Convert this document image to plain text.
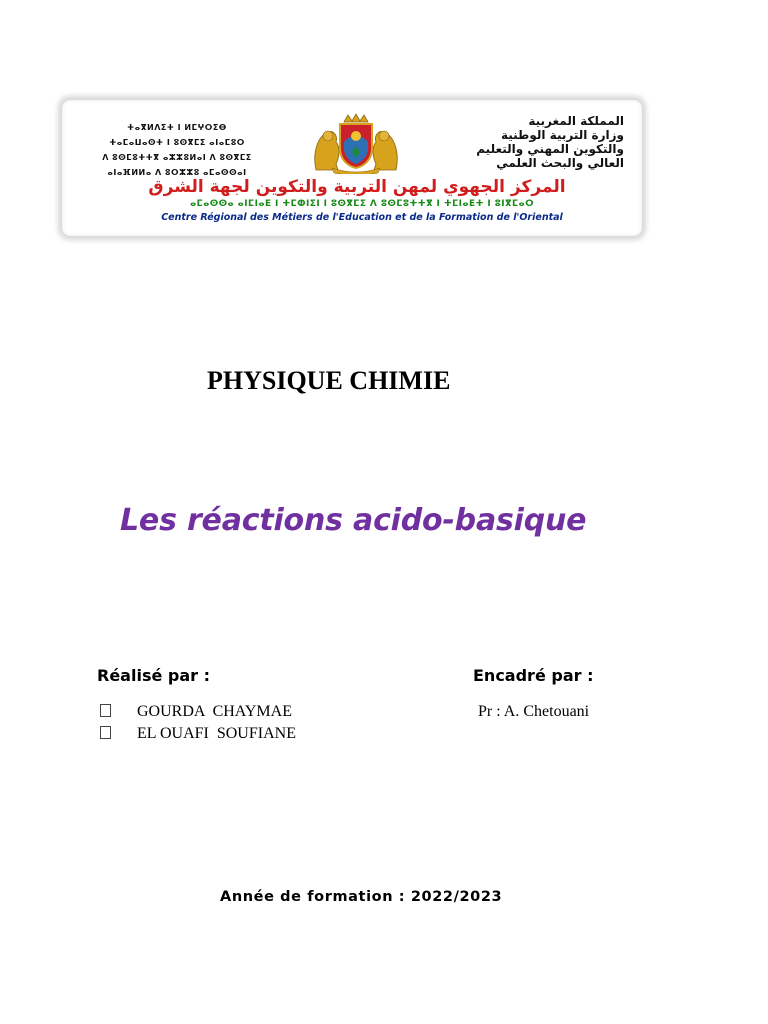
ⵜⴰⴳⵍⴷⵉⵜ ⵏ ⵍⵎⵖⵔⵉⴱ
ⵜⴰⵎⴰⵡⴰⵙⵜ ⵏ ⵓⵙⴳⵎⵉ ⴰⵏⴰⵎⵓⵔ
ⴷ ⵓⵙⵎⵓⵜⵜⴳ ⴰⵣⵣⵓⵍⴰⵏ ⴷ ⵓⵙⴳⵎⵉ
ⴰⵏⴰⴼⵍⵍⴰ ⴷ ⵓⵔⵣⵣⵓ ⴰⵎⴰⵙⵙⴰⵏ
المملكة المغربية
وزارة التربية الوطنية
والتكوين المهني والتعليم
العالي والبحث العلمي
المركز الجهوي لمهن التربية والتكوين لجهة الشرق
ⴰⵎⴰⵙⵙⴰ ⴰⵏⵎⵏⴰⴹ ⵏ ⵜⵎⵀⵏⵉⵏ ⵏ ⵓⵙⴳⵎⵉ ⴷ ⵓⵙⵎⵓⵜⵜⴳ ⵏ ⵜⵎⵏⴰⴹⵜ ⵏ ⵓⵏⴳⵎⴰⵔ
Centre Régional des Métiers de l'Education et de la Formation de l'Oriental
PHYSIQUE CHIMIE
Les réactions acido-basique
Réalisé par :	Encadré par :
GOURDA  CHAYMAE
EL OUAFI  SOUFIANE
Pr : A. Chetouani
Année de formation : 2022/2023
